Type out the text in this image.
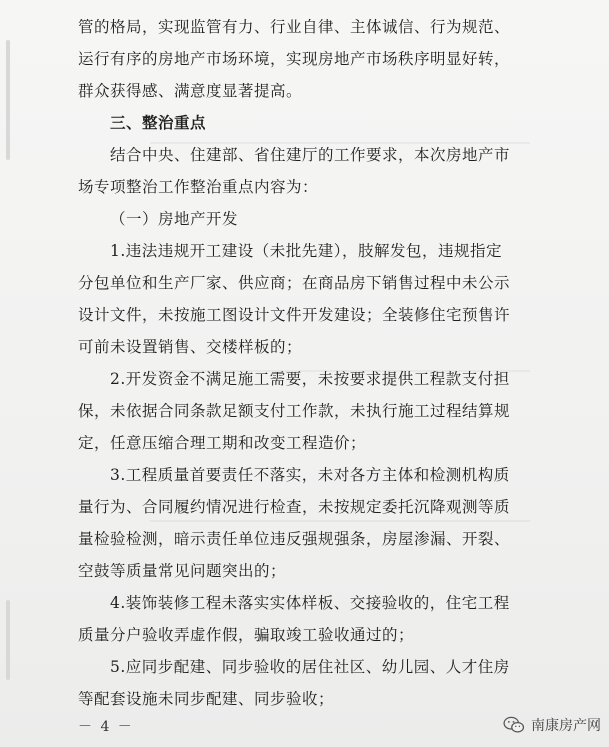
管的格局，实现监管有力、行业自律、主体诚信、行为规范、
运行有序的房地产市场环境，实现房地产市场秩序明显好转，
群众获得感、满意度显著提高。
三、整治重点
结合中央、住建部、省住建厅的工作要求，本次房地产市
场专项整治工作整治重点内容为：
（一）房地产开发
1.违法违规开工建设（未批先建），肢解发包，违规指定
分包单位和生产厂家、供应商；在商品房下销售过程中未公示
设计文件，未按施工图设计文件开发建设；全装修住宅预售许
可前未设置销售、交楼样板的；
2.开发资金不满足施工需要，未按要求提供工程款支付担
保，未依据合同条款足额支付工作款，未执行施工过程结算规
定，任意压缩合理工期和改变工程造价；
3.工程质量首要责任不落实，未对各方主体和检测机构质
量行为、合同履约情况进行检查，未按规定委托沉降观测等质
量检验检测，暗示责任单位违反强规强条，房屋渗漏、开裂、
空鼓等质量常见问题突出的；
4.装饰装修工程未落实实体样板、交接验收的，住宅工程
质量分户验收弄虚作假，骗取竣工验收通过的；
－ 4 －	南康房产网
5.应同步配建、同步验收的居住社区、幼儿园、人才住房
等配套设施未同步配建、同步验收；
